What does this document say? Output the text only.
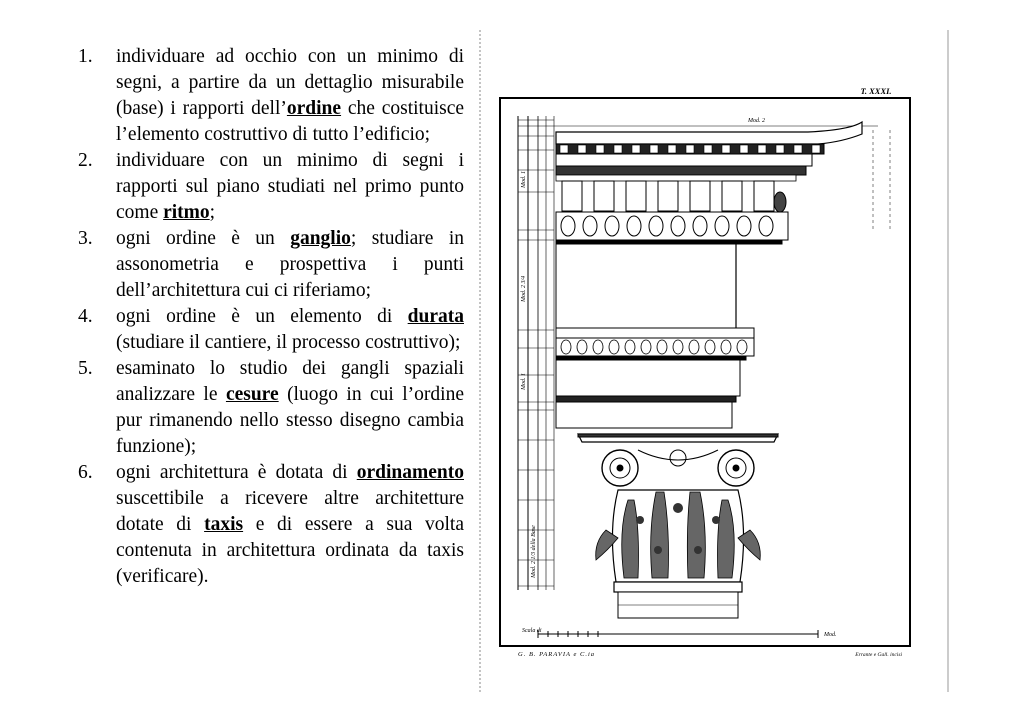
1.	individuare ad occhio con un minimo di segni, a partire da un dettaglio misurabile (base) i rapporti dell’ordine che costituisce l’elemento costruttivo di tutto l’edificio;
2.	individuare con un minimo di segni i rapporti sul piano studiati nel primo punto come ritmo;
3.	ogni ordine è un ganglio; studiare in assonometria e prospettiva i punti dell’architettura cui ci riferiamo;
4.	ogni ordine è un elemento di durata (studiare il cantiere, il processo costruttivo);
5.	esaminato lo studio dei gangli spaziali analizzare le cesure (luogo in cui l’ordine pur rimanendo nello stesso disegno cambia funzione);
6.	ogni architettura è dotata di ordinamento suscettibile a ricevere altre architetture dotate di taxis e di essere a sua volta contenuta in architettura ordinata da taxis (verificare).
T. XXXI.
Mod. 1
Mod. 2
Mod. 2 3/4
Mod. 1
Mod. 2 1/3 della Base
Scala di
Mod.
G. B. PARAVIA e C.ia	Errante e Gall. incisi
